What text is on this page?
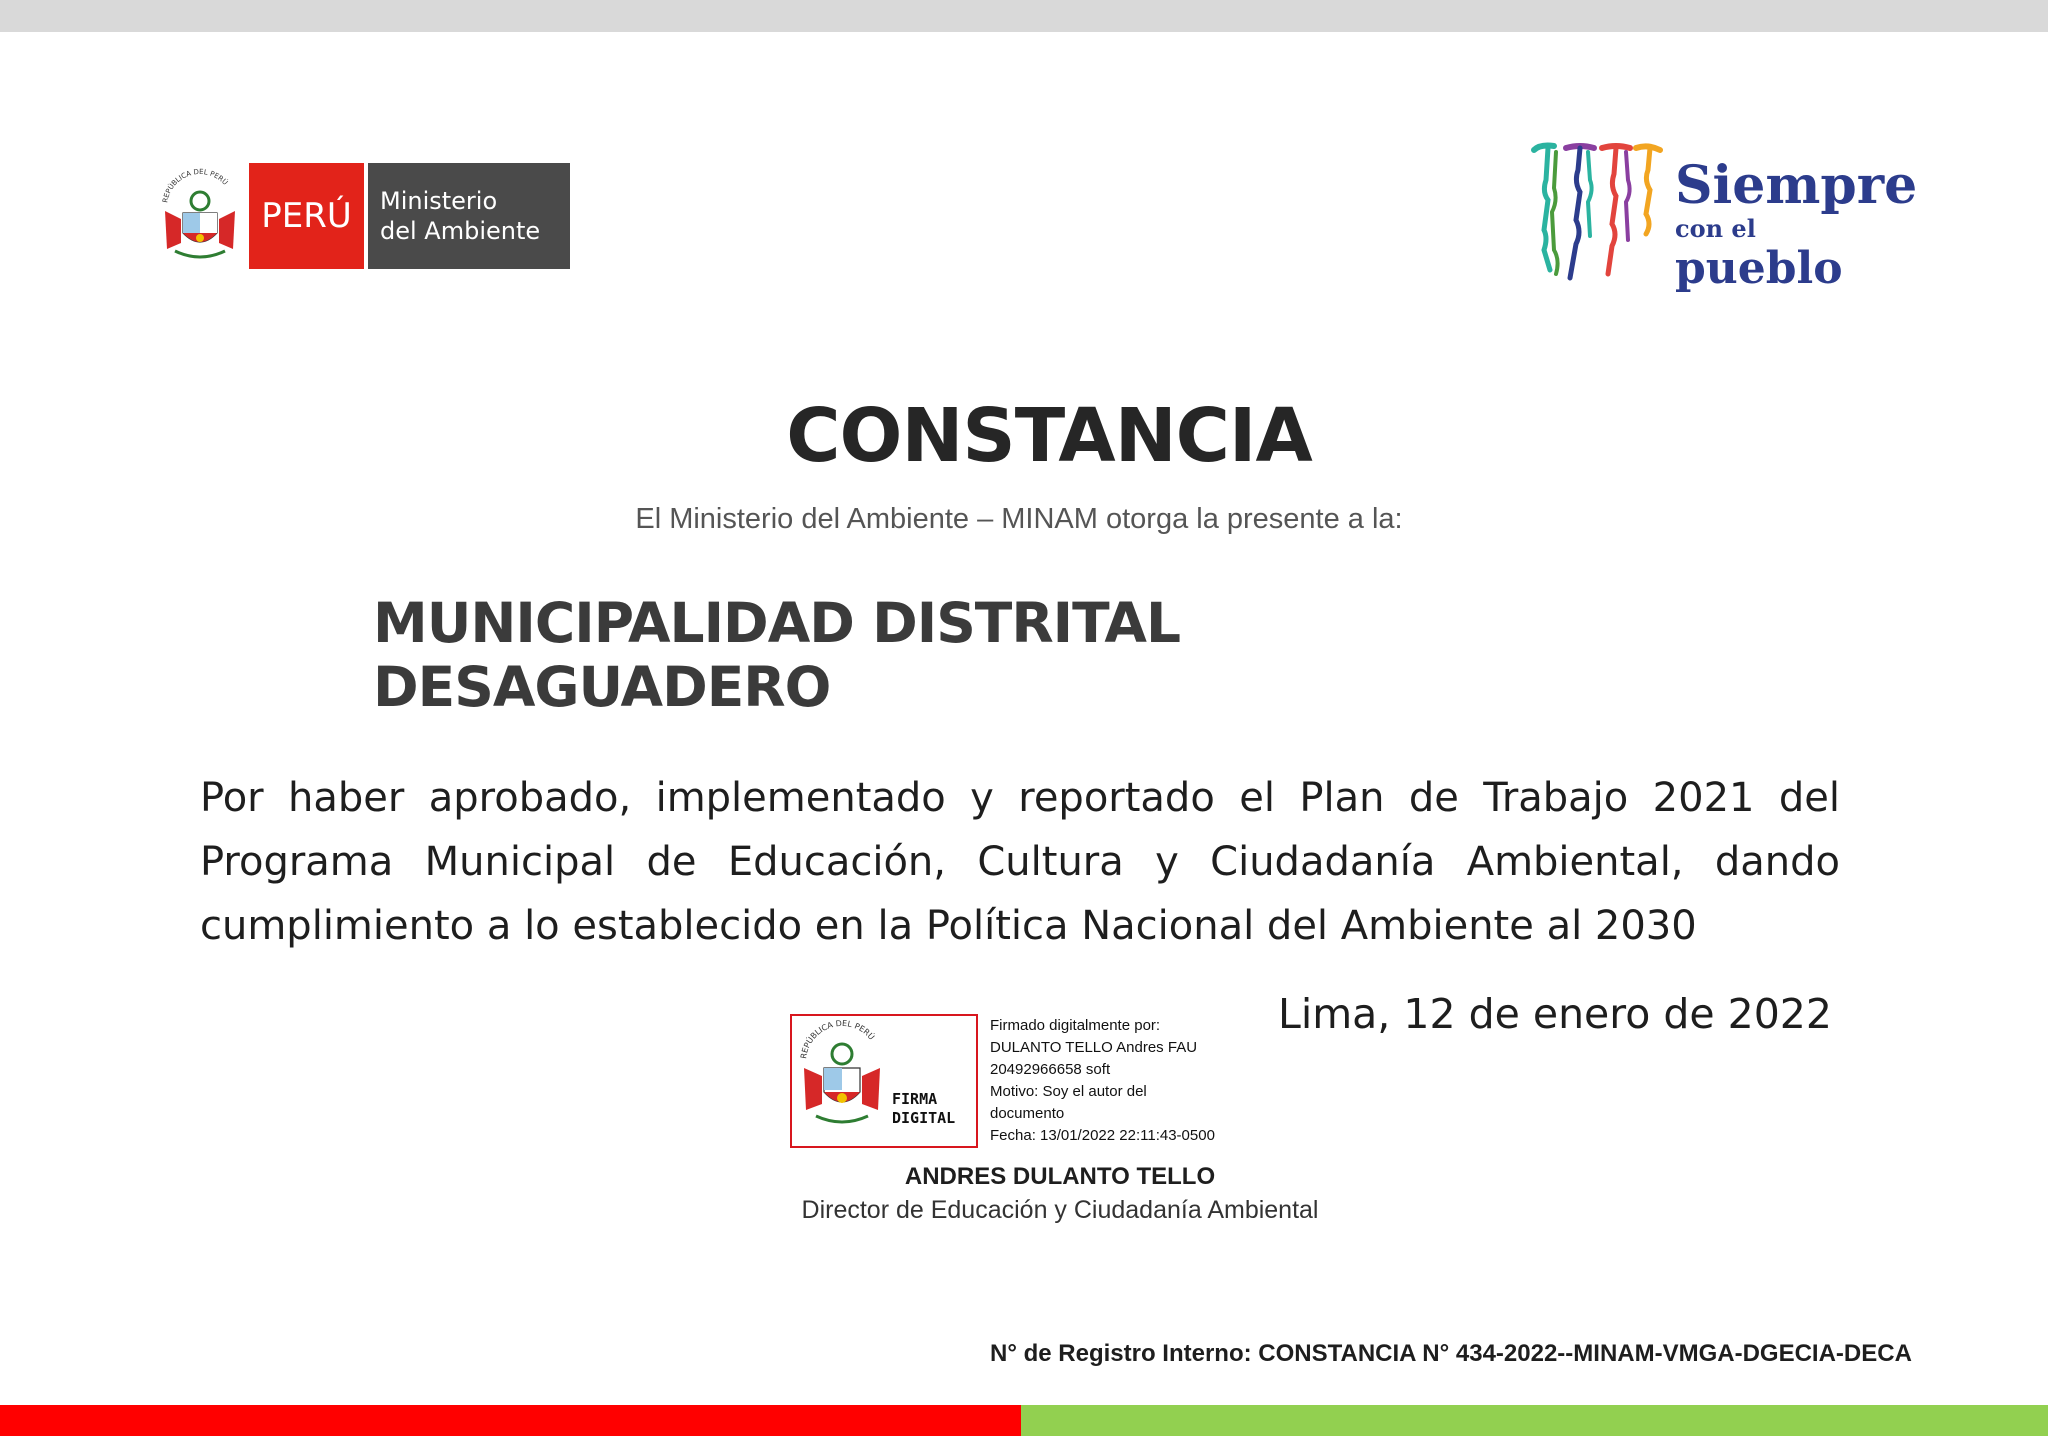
REPÚBLICA DEL PERÚ
PERÚ Ministerio
del Ambiente
Siempre
con el pueblo
CONSTANCIA
El Ministerio del Ambiente – MINAM otorga la presente a la:
MUNICIPALIDAD DISTRITAL DESAGUADERO
Por haber aprobado, implementado y reportado el Plan de Trabajo 2021 del Programa Municipal de Educación, Cultura y Ciudadanía Ambiental, dando cumplimiento a lo establecido en la Política Nacional del Ambiente al 2030
Lima, 12 de enero de 2022
REPÚBLICA DEL PERÚ
FIRMA
DIGITAL
Firmado digitalmente por:
DULANTO TELLO Andres FAU
20492966658 soft
Motivo: Soy el autor del
documento
Fecha: 13/01/2022 22:11:43-0500
ANDRES DULANTO TELLO
Director de Educación y Ciudadanía Ambiental
N° de Registro Interno: CONSTANCIA N° 434-2022--MINAM-VMGA-DGECIA-DECA
